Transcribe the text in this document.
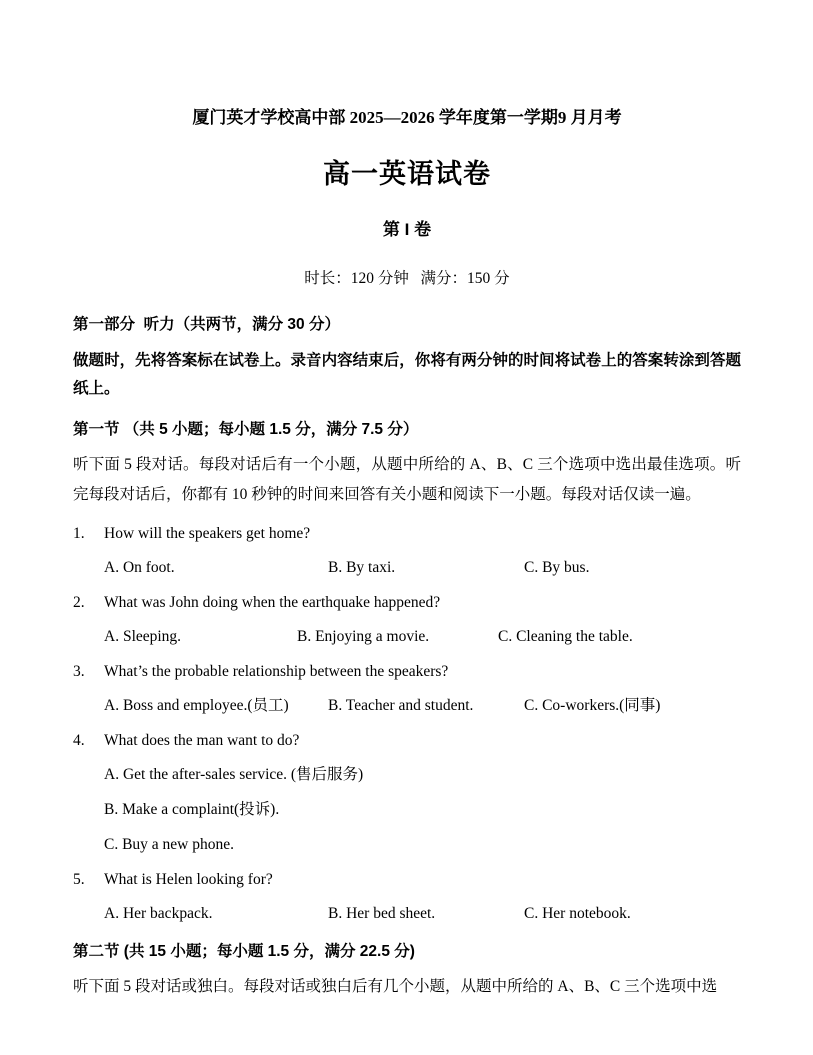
厦门英才学校高中部 2025—2026 学年度第一学期9 月月考
高一英语试卷
第 I 卷
时长：120 分钟   满分：150 分
第一部分  听力（共两节，满分 30 分）

做题时，先将答案标在试卷上。录音内容结束后，你将有两分钟的时间将试卷上的答案转涂到答题纸上。

第一节 （共 5 小题；每小题 1.5 分，满分 7.5 分）

听下面 5 段对话。每段对话后有一个小题，从题中所给的 A、B、C 三个选项中选出最佳选项。听完每段对话后，你都有 10 秒钟的时间来回答有关小题和阅读下一小题。每段对话仅读一遍。

1.	How will the speakers get home?
A. On foot.	B. By taxi.	C. By bus.
2.	What was John doing when the earthquake happened?
A. Sleeping.	B. Enjoying a movie.	C. Cleaning the table.
3.	What’s the probable relationship between the speakers?
A. Boss and employee.(员工)	B. Teacher and student.	C. Co-workers.(同事)
4.	What does the man want to do?
A. Get the after-sales service. (售后服务)
B. Make a complaint(投诉).
C. Buy a new phone.
5.	What is Helen looking for?
A. Her backpack.	B. Her bed sheet.	C. Her notebook.
第二节 (共 15 小题；每小题 1.5 分，满分 22.5 分)

听下面 5 段对话或独白。每段对话或独白后有几个小题，从题中所给的 A、B、C 三个选项中选
